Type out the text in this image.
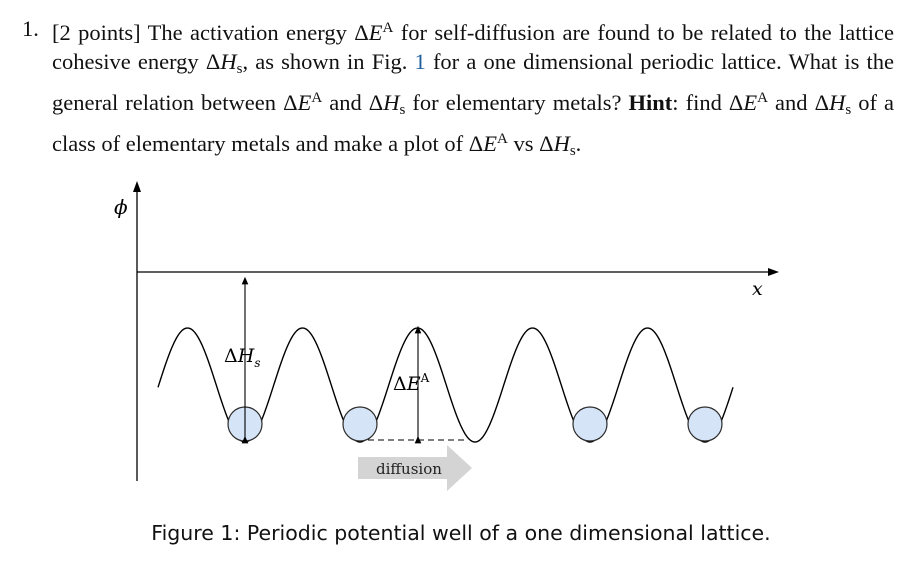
1. [2 points] The activation energy $\Delta E^A$ for self-diffusion are found to be related to the lattice cohesive energy $\Delta H_s$, as shown in Fig. 1 for a one dimensional periodic lattice. What is the general relation between $\Delta E^A$ and $\Delta H_s$ for elementary metals? Hint: find $\Delta E^A$ and $\Delta H_s$ of a class of elementary metals and make a plot of $\Delta E^A$ vs $\Delta H_s$.
ϕ
x
$\Delta H_s$
$\Delta E^A$
diffusion
Figure 1: Periodic potential well of a one dimensional lattice.
